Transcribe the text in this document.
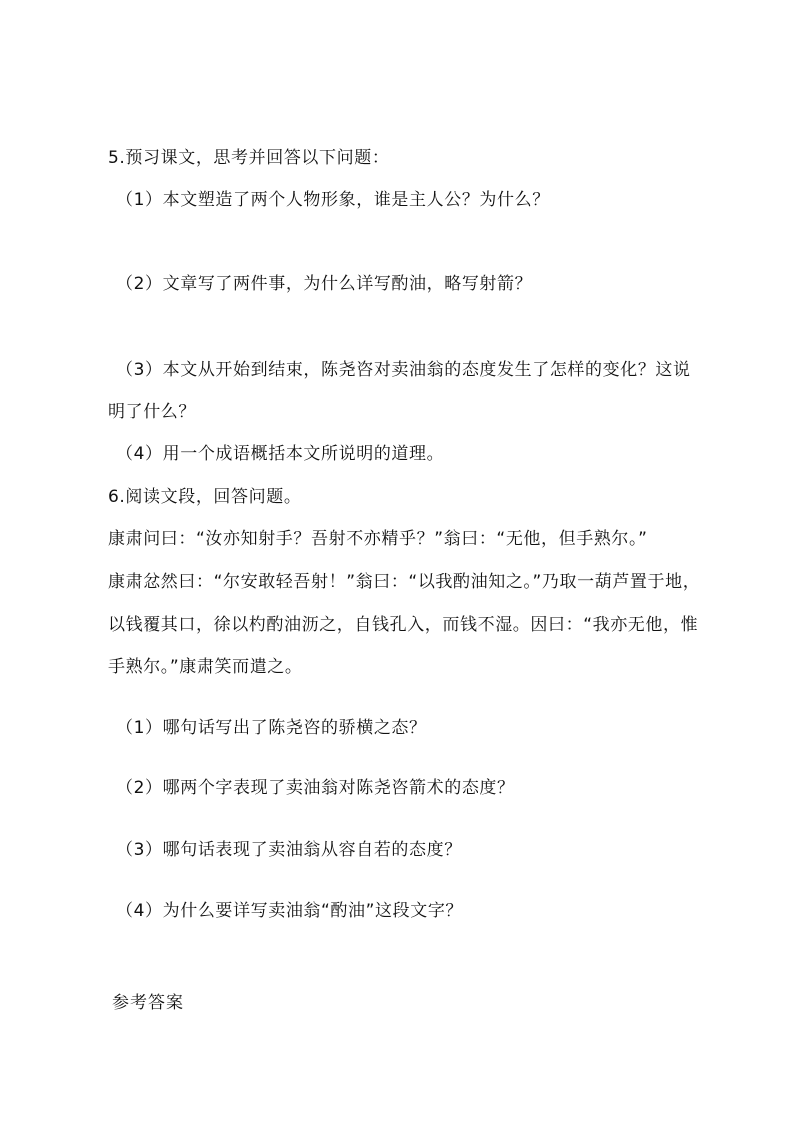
5.预习课文，思考并回答以下问题：
（1）本文塑造了两个人物形象，谁是主人公？为什么？
（2）文章写了两件事，为什么详写酌油，略写射箭？
（3）本文从开始到结束，陈尧咨对卖油翁的态度发生了怎样的变化？这说
明了什么？
（4）用一个成语概括本文所说明的道理。
6.阅读文段，回答问题。
康肃问曰：“汝亦知射手？吾射不亦精乎？”翁曰：“无他，但手熟尔。”
康肃忿然曰：“尔安敢轻吾射！”翁曰：“以我酌油知之。”乃取一葫芦置于地，
以钱覆其口，徐以杓酌油沥之，自钱孔入，而钱不湿。因曰：“我亦无他，惟
手熟尔。”康肃笑而遣之。
（1）哪句话写出了陈尧咨的骄横之态？
（2）哪两个字表现了卖油翁对陈尧咨箭术的态度？
（3）哪句话表现了卖油翁从容自若的态度？
（4）为什么要详写卖油翁“酌油”这段文字？
参考答案
